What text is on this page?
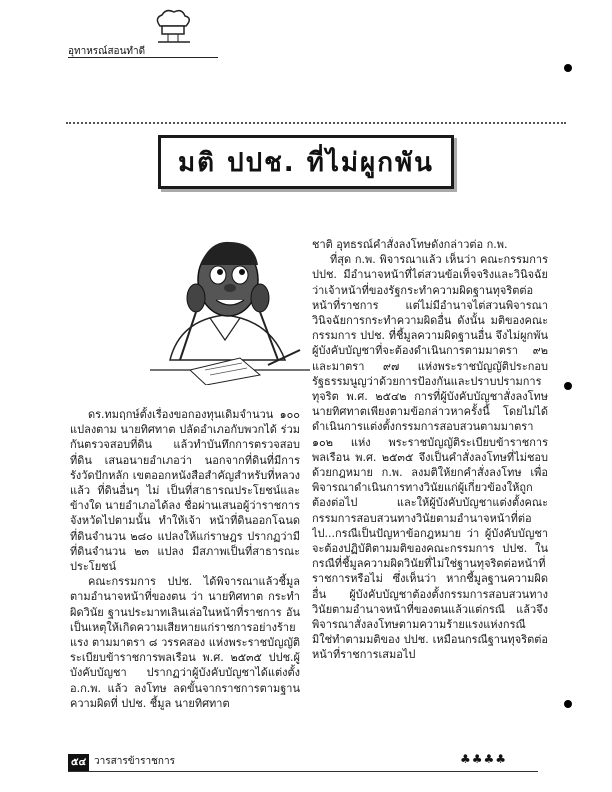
อุทาหรณ์สอนทำดี
มติ ปปช. ที่ไม่ผูกพัน

ดร.ทมฤกษ์ตั้งเรื่องขอกองทุนเดิมจำนวน ๑๐๐ แปลงตาม นายทิศทาต ปลัดอำเภอกับพวกได้ ร่วมกันตรวจสอบที่ดิน แล้วทำบันทึกการตรวจสอบที่ดิน เสนอนายอำเภอว่า นอกจากที่ดินที่มีการรังวัดปักหลัก เขตออกหนังสือสำคัญสำหรับที่หลวงแล้ว ที่ดินอื่นๆ ไม่ เป็นที่สาธารณประโยชน์และข้างใด นายอำเภอได้ลง ชื่อผ่านเสนอผู้ว่าราชการจังหวัดไปตามนั้น ทำให้เจ้า หน้าที่ดินออกโฉนดที่ดินจำนวน ๒๘๐ แปลงให้แก่ราษฎร ปรากฏว่ามีที่ดินจำนวน ๒๓ แปลง มีสภาพเป็นที่สาธารณะประโยชน์

คณะกรรมการ ปปช. ได้พิจารณาแล้วชี้มูลตามอำนาจหน้าที่ของตน ว่า นายทิศทาต กระทำผิดวินัย ฐานประมาทเลินเล่อในหน้าที่ราชการ อันเป็นเหตุให้เกิดความเสียหายแก่ราชการอย่างร้ายแรง ตามมาตรา ๘ วรรคสอง แห่งพระราชบัญญัติระเบียบข้าราชการพลเรือน พ.ศ. ๒๕๓๕ ปปช.ผู้บังคับบัญชา ปรากฏว่าผู้บังคับบัญชาได้แต่งตั้ง อ.ก.พ. แล้ว ลงโทษ ลดขั้นจากราชการตามฐานความผิดที่ ปปช. ชี้มูล นายทิศทาต

ชาติ อุทธรณ์คำสั่งลงโทษดังกล่าวต่อ ก.พ.

ที่สุด ก.พ. พิจารณาแล้ว เห็นว่า คณะกรรมการ ปปช. มีอำนาจหน้าที่ไต่สวนข้อเท็จจริงและวินิจฉัยว่าเจ้าหน้าที่ของรัฐกระทำความผิดฐานทุจริตต่อหน้าที่ราชการ แต่ไม่มีอำนาจไต่สวนพิจารณาวินิจฉัยการกระทำความผิดอื่น ดังนั้น มติของคณะกรรมการ ปปช. ที่ชี้มูลความผิดฐานอื่น จึงไม่ผูกพันผู้บังคับบัญชาที่จะต้องดำเนินการตามมาตรา ๙๒ และมาตรา ๙๗ แห่งพระราชบัญญัติประกอบรัฐธรรมนูญว่าด้วยการป้องกันและปราบปรามการทุจริต พ.ศ. ๒๕๔๒ การที่ผู้บังคับบัญชาสั่งลงโทษนายทิศทาตเพียงตามข้อกล่าวหาครั้งนี้ โดยไม่ได้ดำเนินการแต่งตั้งกรรมการสอบสวนตามมาตรา ๑๐๒ แห่ง พระราชบัญญัติระเบียบข้าราชการพลเรือน พ.ศ. ๒๕๓๕ จึงเป็นคำสั่งลงโทษที่ไม่ชอบด้วยกฎหมาย ก.พ. ลงมติให้ยกคำสั่งลงโทษ เพื่อพิจารณาดำเนินการทางวินัยแก่ผู้เกี่ยวข้องให้ถูกต้องต่อไป และให้ผู้บังคับบัญชาแต่งตั้งคณะกรรมการสอบสวนทางวินัยตามอำนาจหน้าที่ต่อไป...กรณีเป็นปัญหาข้อกฎหมาย ว่า ผู้บังคับบัญชาจะต้องปฏิบัติตามมติของคณะกรรมการ ปปช. ในกรณีที่ชี้มูลความผิดวินัยที่ไม่ใช่ฐานทุจริตต่อหน้าที่ราชการหรือไม่ ซึ่งเห็นว่า หากชี้มูลฐานความผิดอื่น ผู้บังคับบัญชาต้องตั้งกรรมการสอบสวนทางวินัยตามอำนาจหน้าที่ของตนแล้วแต่กรณี แล้วจึงพิจารณาสั่งลงโทษตามความร้ายแรงแห่งกรณี มิใช่ทำตามมติของ ปปช. เหมือนกรณีฐานทุจริตต่อหน้าที่ราชการเสมอไป

♣♣♣♣
๕๔ วารสารข้าราชการ
